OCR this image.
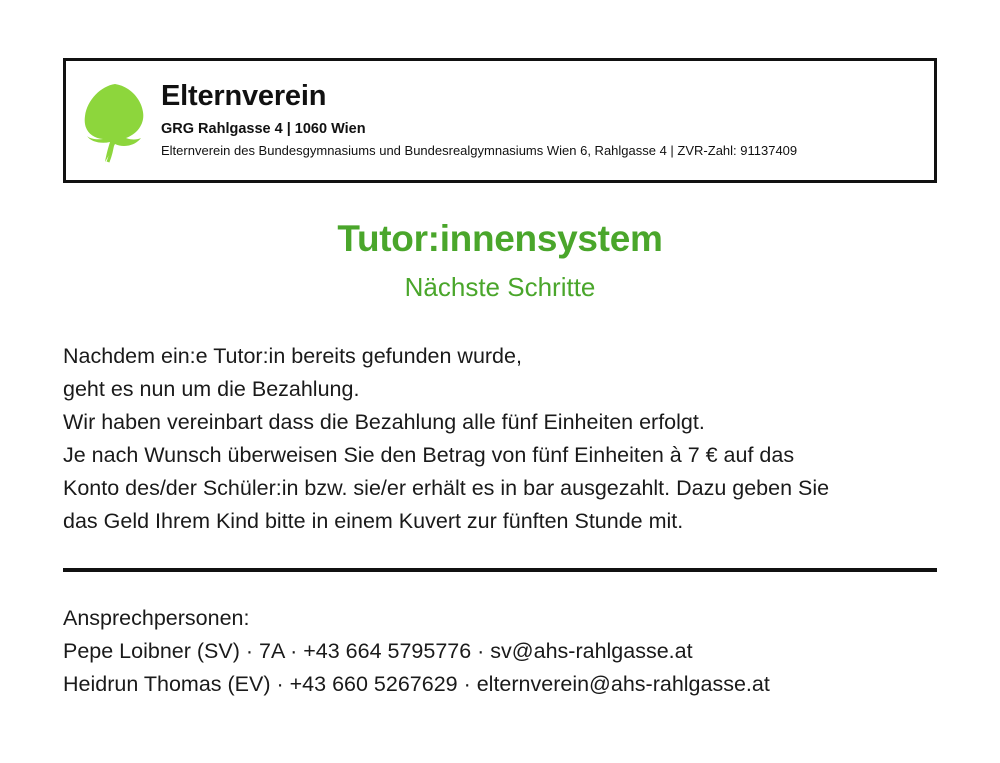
Elternverein
GRG Rahlgasse 4 | 1060 Wien
Elternverein des Bundesgymnasiums und Bundesrealgymnasiums Wien 6, Rahlgasse 4 | ZVR-Zahl: 91137409
Tutor:innensystem
Nächste Schritte

Nachdem ein:e Tutor:in bereits gefunden wurde,

geht es nun um die Bezahlung.

Wir haben vereinbart dass die Bezahlung alle fünf Einheiten erfolgt.

Je nach Wunsch überweisen Sie den Betrag von fünf Einheiten à 7 € auf das

Konto des/der Schüler:in bzw. sie/er erhält es in bar ausgezahlt. Dazu geben Sie

das Geld Ihrem Kind bitte in einem Kuvert zur fünften Stunde mit.

Ansprechpersonen:

Pepe Loibner (SV) · 7A · +43 664 5795776 · sv@ahs-rahlgasse.at

Heidrun Thomas (EV) · +43 660 5267629 · elternverein@ahs-rahlgasse.at
